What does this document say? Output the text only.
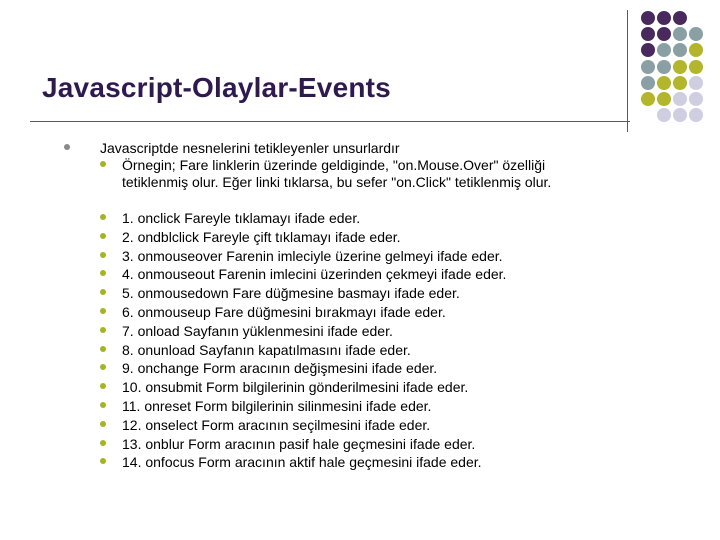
Javascript-Olaylar-Events
Javascriptde nesnelerini tetikleyenler unsurlardır
Örnegin; Fare linklerin üzerinde geldiginde, "on.Mouse.Over" özelliği
tetiklenmiş olur. Eğer linki tıklarsa, bu sefer "on.Click" tetiklenmiş olur.
1. onclick Fareyle tıklamayı ifade eder.
2. ondblclick Fareyle çift tıklamayı ifade eder.
3. onmouseover Farenin imleciyle üzerine gelmeyi ifade eder.
4. onmouseout Farenin imlecini üzerinden çekmeyi ifade eder.
5. onmousedown Fare düğmesine basmayı ifade eder.
6. onmouseup Fare düğmesini bırakmayı ifade eder.
7. onload Sayfanın yüklenmesini ifade eder.
8. onunload Sayfanın kapatılmasını ifade eder.
9. onchange Form aracının değişmesini ifade eder.
10. onsubmit Form bilgilerinin gönderilmesini ifade eder.
11. onreset Form bilgilerinin silinmesini ifade eder.
12. onselect Form aracının seçilmesini ifade eder.
13. onblur Form aracının pasif hale geçmesini ifade eder.
14. onfocus Form aracının aktif hale geçmesini ifade eder.
